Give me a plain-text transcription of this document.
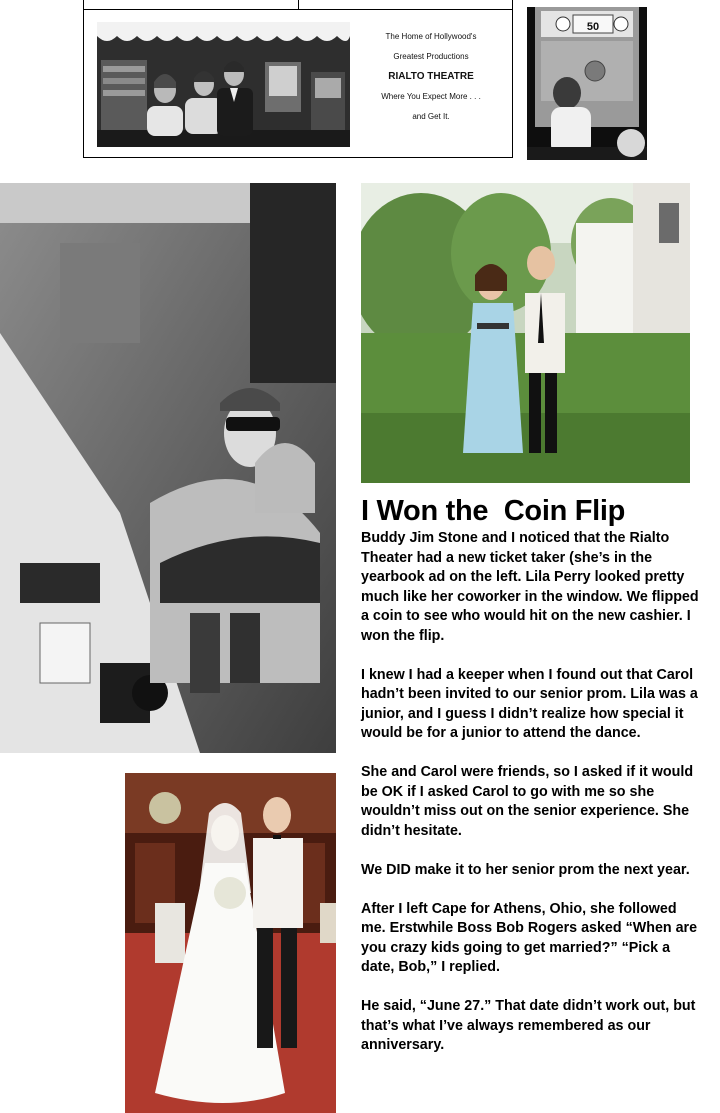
The Home of Hollywood's
Greatest Productions
RIALTO THEATRE
Where You Expect More . . .
and Get It.
50
I Won the  Coin Flip

Buddy Jim Stone and I noticed that the Rialto Theater had a new ticket taker (she’s in the yearbook ad on the left. Lila Perry looked pretty much like her coworker in the window. We flipped a coin to see who would hit on the new cashier. I won the flip.

I knew I had a keeper when I found out that Carol hadn’t been invited to our senior prom. Lila was a junior, and I guess I didn’t realize how special it would be for a junior to attend the dance.

She and Carol were friends, so I asked if it would be OK if I asked Carol to go with me so she wouldn’t miss out on the senior experience. She didn’t hesitate.

We DID make it to her senior prom the next year.

After I left Cape for Athens, Ohio, she followed me. Erstwhile Boss Bob Rogers asked “When are you crazy kids going to get married?” “Pick a date, Bob,” I replied.

He said, “June 27.” That date didn’t work out, but that’s what I’ve always remembered as our anniversary.
